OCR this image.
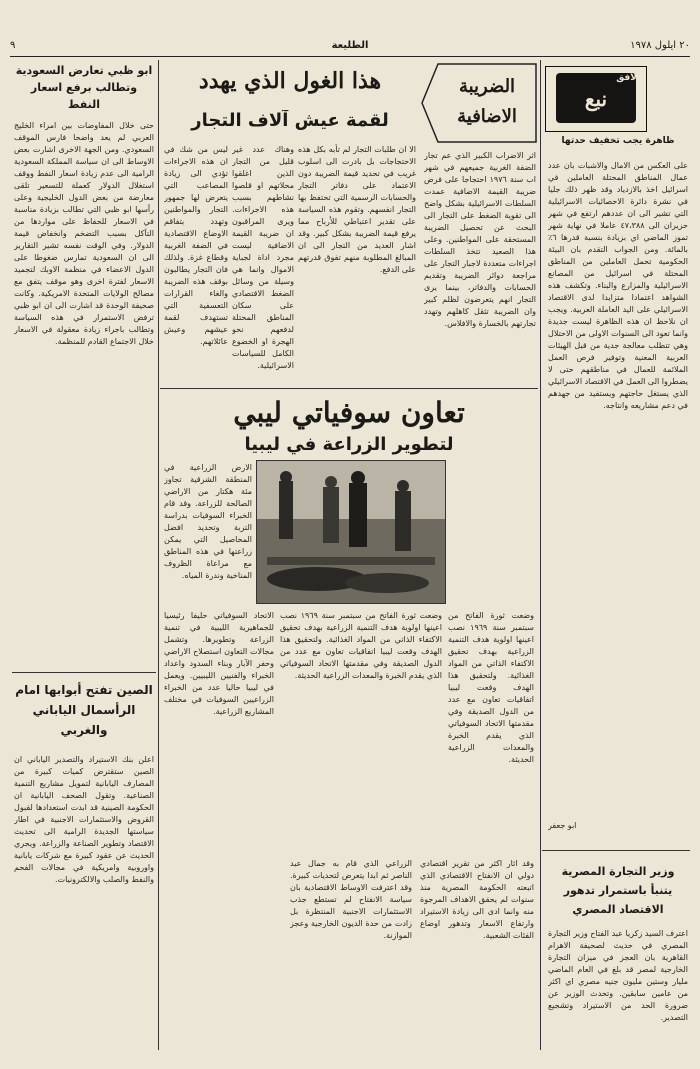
٢٠ ايلول ١٩٧٨
الطليعة
٩
نبع
الأفق
ظاهرة يجب تخفيف حدتها
على العكس من الامال والاشبات بان عدد عمال المناطق المحتلة العاملين في اسرائيل اخذ بالازدياد وقد ظهر ذلك جليا في نشرة دائرة الاحصائيات الاسرائيلية التي تشير الى ان عددهم ارتفع في شهر حزيران الى ٤٧،٣٨٨ عاملا في نهاية شهر تموز الماضي اي بزيادة بنسبة قدرها ٦٪ بالمائة. ومن الجواب التقدم بان البيئة الحكومية تحمل العاملين من المناطق المحتلة في اسرائيل من المصانع الاسرائيلية والمزارع والبناء. وتكشف هذه الشواهد اعتمادا متزايدا لدى الاقتصاد الاسرائيلي على اليد العاملة العربية. ويجب ان نلاحظ ان هذه الظاهرة ليست جديدة وانما تعود الى السنوات الاولى من الاحتلال وهي تتطلب معالجة جدية من قبل الهيئات العربية المعنية وتوفير فرص العمل الملائمة للعمال في مناطقهم حتى لا يضطروا الى العمل في الاقتصاد الاسرائيلي الذي يستغل حاجتهم ويستفيد من جهدهم في دعم مشاريعه وانتاجه.
ابو جعفر
وزير التجارة المصرية
يتنبأ باستمرار تدهور
الاقتصاد المصري
اعترف السيد زكريا عبد الفتاح وزير التجارة المصري في حديث لصحيفة الاهرام القاهرية بان العجز في ميزان التجارة الخارجية لمصر قد بلغ في العام الماضي مليار وستين مليون جنيه مصري اي اكثر من عامين سابقين. وتحدث الوزير عن ضرورة الحد من الاستيراد وتشجيع التصدير.
وقد اثار اكثر من تقرير اقتصادي دولي ان الانفتاح الاقتصادي الذي اتبعته الحكومة المصرية منذ سنوات لم يحقق الاهداف المرجوة منه وانما ادى الى زيادة الاستيراد وارتفاع الاسعار وتدهور اوضاع الفئات الشعبية.
الزراعي الذي قام به جمال عبد الناصر ثم ابدا يتعرض لتحديات كبيرة. وقد اعترفت الاوساط الاقتصادية بان سياسة الانفتاح لم تستطع جذب الاستثمارات الاجنبية المنتظرة بل زادت من حدة الديون الخارجية وعجز الموازنة.
الضريبة الاضافية
اثر الاضراب الكبير الذي عم تجار الضفة الغربية جميعهم في شهر اب سنة ١٩٧٦ احتجاجا على فرض ضريبة القيمة الاضافية عمدت السلطات الاسرائيلية بشكل واضح الى تقوية الضغط على التجار الى البحث عن تحصيل الضريبة المستحقة على المواطنين. وعلى هذا الصعيد تتخذ السلطات اجراءات متعددة لاجبار التجار على مراجعة دوائر الضريبة وتقديم الحسابات والدفاتر، بينما يرى التجار انهم يتعرضون لظلم كبير وان الضريبة تثقل كاهلهم وتهدد تجارتهم بالخسارة والافلاس.
هذا الغول الذي يهدد
لقمة عيش آلاف التجار
الا ان طلبات التجار لم تأبه بكل هذه الاحتجاجات بل بادرت الى اسلوب غريب في تحديد قيمة الضريبة دون الاعتماد على دفاتر التجار والحسابات الرسمية التي تحتفظ بها التجار انفسهم. وتقوم هذه السياسة على تقدير اعتباطي للأرباح مما يرفع قيمة الضريبة بشكل كبير. وقد اشار العديد من التجار الى ان المبالغ المطلوبة منهم تفوق قدرتهم على الدفع.
وهناك عدد غير قليل من التجار الذين اغلقوا محلاتهم او قلصوا نشاطهم بسبب هذه الاجراءات. ويرى المراقبون ان ضريبة القيمة الاضافية ليست مجرد اداة لجباية الاموال وانما هي وسيلة من وسائل الضغط الاقتصادي على سكان المناطق المحتلة لدفعهم نحو الهجرة او الخضوع الكامل للسياسات الاسرائيلية.
ليس من شك في ان هذه الاجراءات تؤدي الى زيادة المصاعب التي يتعرض لها جمهور التجار والمواطنين وتهدد بتفاقم الاوضاع الاقتصادية في الضفة الغربية وقطاع غزة. ولذلك فان التجار يطالبون بوقف هذه الضريبة والغاء القرارات التعسفية التي تستهدف لقمة عيشهم وعيش عائلاتهم.
تعاون سوفياتي ليبي
لتطوير الزراعة في ليبيا
الاتحاد السوفياتي حليفا رئيسيا للجماهيرية الليبية في تنمية الزراعة وتطويرها. وتشمل مجالات التعاون استصلاح الاراضي وحفر الآبار وبناء السدود واعداد الخبراء والفنيين الليبيين. ويعمل في ليبيا حاليا عدد من الخبراء الزراعيين السوفيات في مختلف المشاريع الزراعية.
الارض الزراعية في المنطقة الشرقية تجاوز مئة هكتار من الاراضي الصالحة للزراعة. وقد قام الخبراء السوفيات بدراسة التربة وتحديد افضل المحاصيل التي يمكن زراعتها في هذه المناطق مع مراعاة الظروف المناخية وندرة المياه.
وضعت ثورة الفاتح من سبتمبر سنة ١٩٦٩ نصب اعينها اولوية هدف التنمية الزراعية بهدف تحقيق الاكتفاء الذاتي من المواد الغذائية. ولتحقيق هذا الهدف وقعت ليبيا اتفاقيات تعاون مع عدد من الدول الصديقة وفي مقدمتها الاتحاد السوفياتي الذي يقدم الخبرة والمعدات الزراعية الحديثة.
وضعت ثورة الفاتح من سبتمبر سنة ١٩٦٩ نصب اعينها اولوية هدف التنمية الزراعية بهدف تحقيق الاكتفاء الذاتي من المواد الغذائية. ولتحقيق هذا الهدف وقعت ليبيا اتفاقيات تعاون مع عدد من الدول الصديقة وفي مقدمتها الاتحاد السوفياتي الذي يقدم الخبرة والمعدات الزراعية الحديثة.
ابو ظبي تعارض السعودية وتطالب برفع اسعار النفط
حتى خلال المفاوضات بين امراء الخليج العربي لم يعد واضحا فارس الموقف السعودي. ومن الجهة الاخرى اشارت بعض الاوساط الى ان سياسة المملكة السعودية الرامية الى عدم زيادة اسعار النفط ووقف استغلال الدولار كعملة للتسعير تلقى معارضة من بعض الدول الخليجية وعلى رأسها ابو ظبي التي تطالب بزيادة مناسبة في الاسعار للحفاظ على مواردها من التآكل بسبب التضخم وانخفاض قيمة الدولار. وفي الوقت نفسه تشير التقارير الى ان السعودية تمارس ضغوطا على الدول الاعضاء في منظمة الاوبك لتجميد الاسعار لفترة اخرى وهو موقف يتفق مع مصالح الولايات المتحدة الامريكية. وكانت صحيفة الوحدة قد اشارت الى ان ابو ظبي ترفض الاستمرار في هذه السياسة وتطالب باجراء زيادة معقولة في الاسعار خلال الاجتماع القادم للمنظمة.
الصين تفتح أبوابها امام الرأسمال الياباني والغربي
اعلن بنك الاستيراد والتصدير الياباني ان الصين ستقترض كميات كبيرة من المصارف اليابانية لتمويل مشاريع التنمية الصناعية. وتقول الصحف اليابانية ان الحكومة الصينية قد ابدت استعدادها لقبول القروض والاستثمارات الاجنبية في اطار سياستها الجديدة الرامية الى تحديث الاقتصاد وتطوير الصناعة والزراعة. ويجري الحديث عن عقود كبيرة مع شركات يابانية واوروبية وامريكية في مجالات الفحم والنفط والصلب والالكترونيات.
